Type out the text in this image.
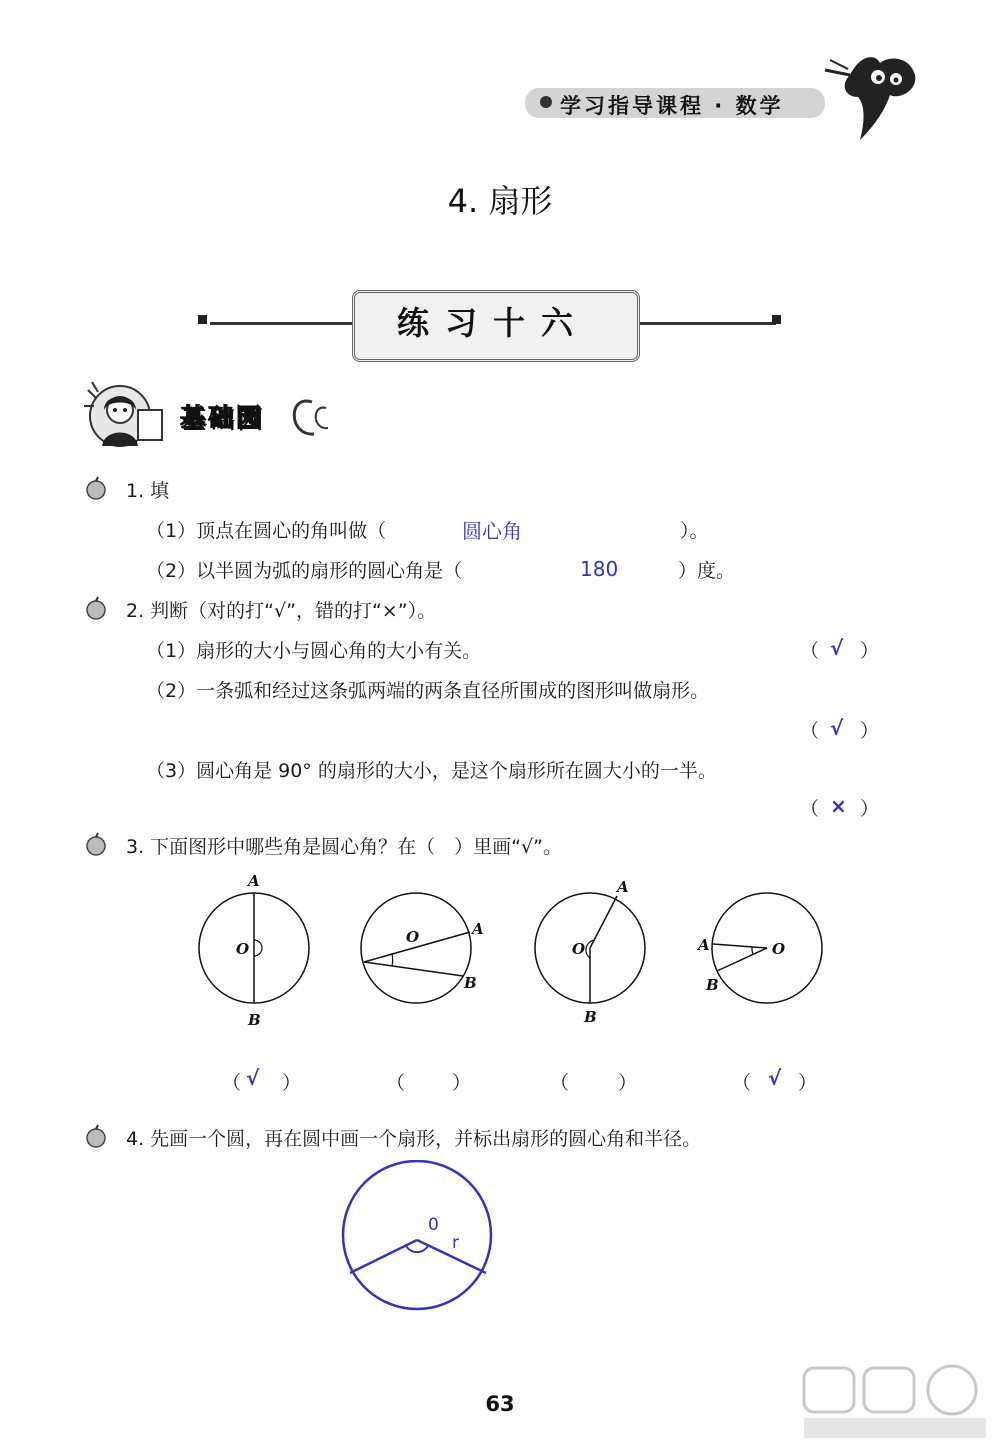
学习指导课程 · 数学
4. 扇形
练习十六
基础园
1. 填
（1）顶点在圆心的角叫做（	圆心角	）。
（2）以半圆为弧的扇形的圆心角是（	180	）度。
2. 判断（对的打“√”，错的打“×”）。
（1）扇形的大小与圆心角的大小有关。	（ √ ）
（2）一条弧和经过这条弧两端的两条直径所围成的图形叫做扇形。
（ √ ）
（3）圆心角是 90° 的扇形的大小，是这个扇形所在圆大小的一半。
（ × ）
3. 下面图形中哪些角是圆心角？在（　）里画“√”。
A
O
B
O	A
B
A
O
B
O
A
B
（ √ ）	（ ）	（	）	（ √ ）
4. 先画一个圆，再在圆中画一个扇形，并标出扇形的圆心角和半径。
0
r
63
